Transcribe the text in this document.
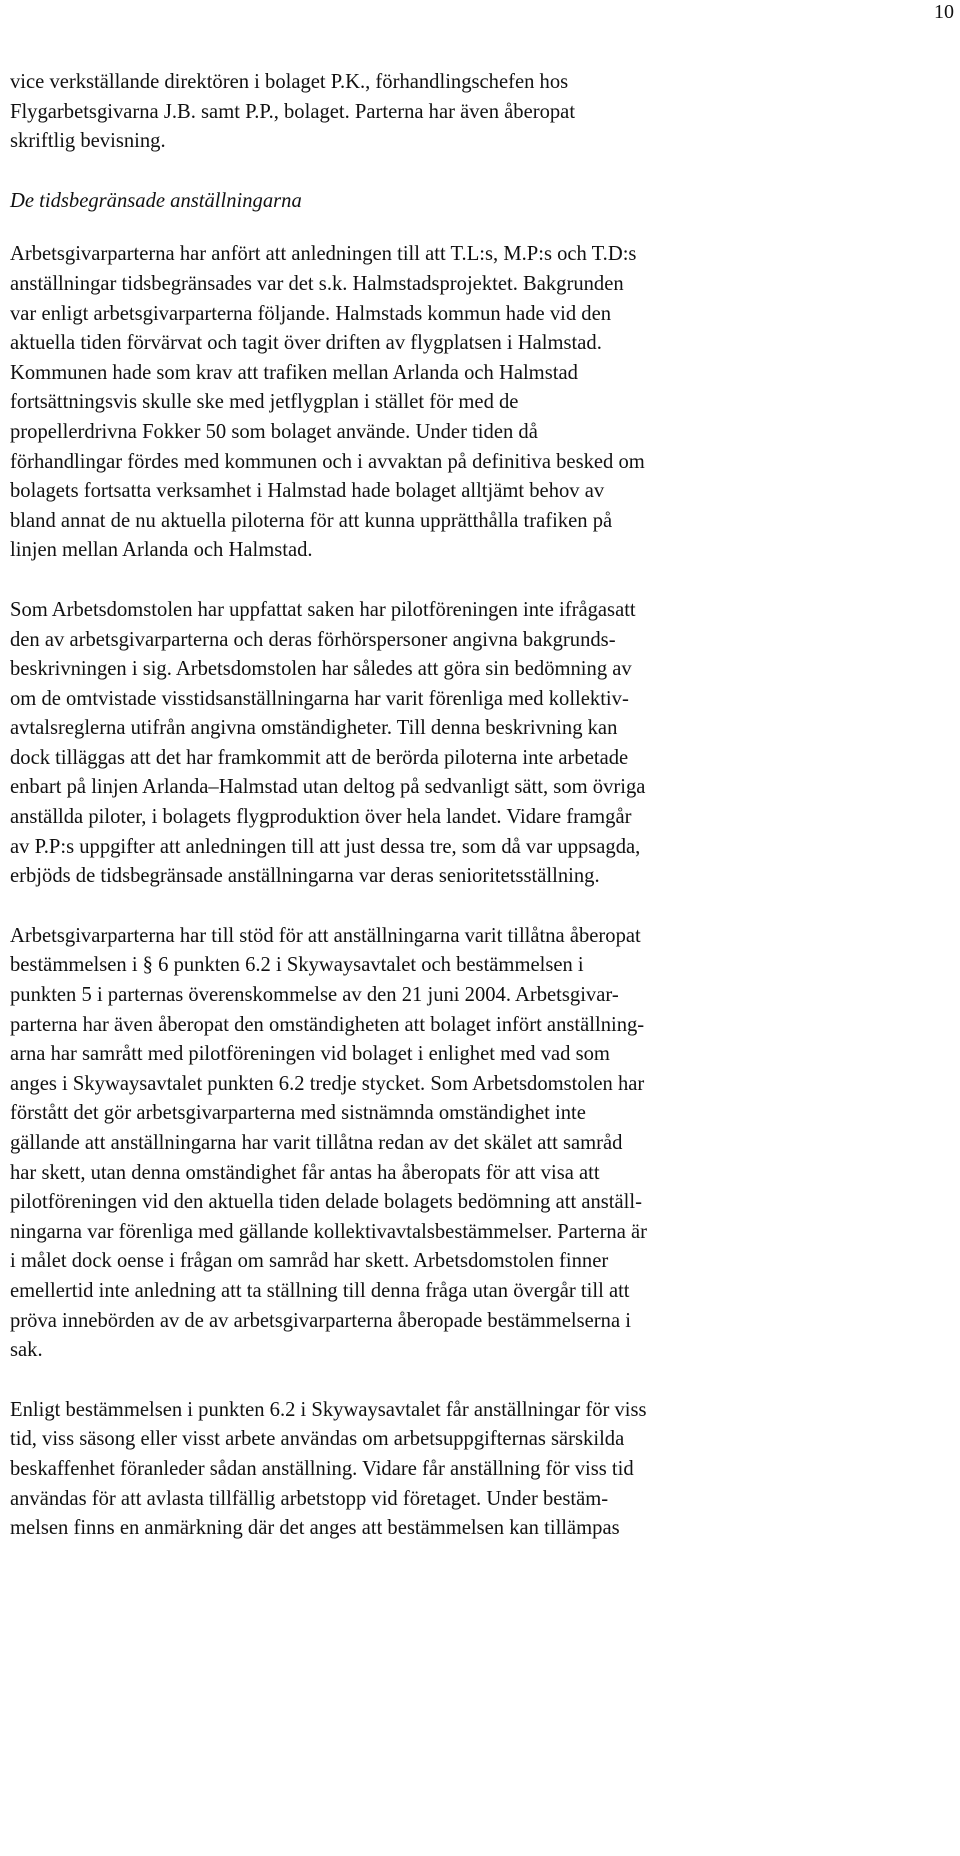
10

vice verkställande direktören i bolaget P.K., förhandlingschefen hos
Flygarbetsgivarna J.B. samt P.P., bolaget. Parterna har även åberopat
skriftlig bevisning.

De tidsbegränsade anställningarna

Arbetsgivarparterna har anfört att anledningen till att T.L:s, M.P:s och T.D:s
anställningar tidsbegränsades var det s.k. Halmstadsprojektet. Bakgrunden
var enligt arbetsgivarparterna följande. Halmstads kommun hade vid den
aktuella tiden förvärvat och tagit över driften av flygplatsen i Halmstad.
Kommunen hade som krav att trafiken mellan Arlanda och Halmstad
fortsättningsvis skulle ske med jetflygplan i stället för med de
propellerdrivna Fokker 50 som bolaget använde. Under tiden då
förhandlingar fördes med kommunen och i avvaktan på definitiva besked om
bolagets fortsatta verksamhet i Halmstad hade bolaget alltjämt behov av
bland annat de nu aktuella piloterna för att kunna upprätthålla trafiken på
linjen mellan Arlanda och Halmstad.

Som Arbetsdomstolen har uppfattat saken har pilotföreningen inte ifrågasatt
den av arbetsgivarparterna och deras förhörspersoner angivna bakgrunds-
beskrivningen i sig. Arbetsdomstolen har således att göra sin bedömning av
om de omtvistade visstidsanställningarna har varit förenliga med kollektiv-
avtalsreglerna utifrån angivna omständigheter. Till denna beskrivning kan
dock tilläggas att det har framkommit att de berörda piloterna inte arbetade
enbart på linjen Arlanda–Halmstad utan deltog på sedvanligt sätt, som övriga
anställda piloter, i bolagets flygproduktion över hela landet. Vidare framgår
av P.P:s uppgifter att anledningen till att just dessa tre, som då var uppsagda,
erbjöds de tidsbegränsade anställningarna var deras senioritetsställning.

Arbetsgivarparterna har till stöd för att anställningarna varit tillåtna åberopat
bestämmelsen i § 6 punkten 6.2 i Skywaysavtalet och bestämmelsen i
punkten 5 i parternas överenskommelse av den 21 juni 2004. Arbetsgivar-
parterna har även åberopat den omständigheten att bolaget infört anställning-
arna har samrått med pilotföreningen vid bolaget i enlighet med vad som
anges i Skywaysavtalet punkten 6.2 tredje stycket. Som Arbetsdomstolen har
förstått det gör arbetsgivarparterna med sistnämnda omständighet inte
gällande att anställningarna har varit tillåtna redan av det skälet att samråd
har skett, utan denna omständighet får antas ha åberopats för att visa att
pilotföreningen vid den aktuella tiden delade bolagets bedömning att anställ-
ningarna var förenliga med gällande kollektivavtalsbestämmelser. Parterna är
i målet dock oense i frågan om samråd har skett. Arbetsdomstolen finner
emellertid inte anledning att ta ställning till denna fråga utan övergår till att
pröva innebörden av de av arbetsgivarparterna åberopade bestämmelserna i
sak.

Enligt bestämmelsen i punkten 6.2 i Skywaysavtalet får anställningar för viss
tid, viss säsong eller visst arbete användas om arbetsuppgifternas särskilda
beskaffenhet föranleder sådan anställning. Vidare får anställning för viss tid
användas för att avlasta tillfällig arbetstopp vid företaget. Under bestäm-
melsen finns en anmärkning där det anges att bestämmelsen kan tillämpas
